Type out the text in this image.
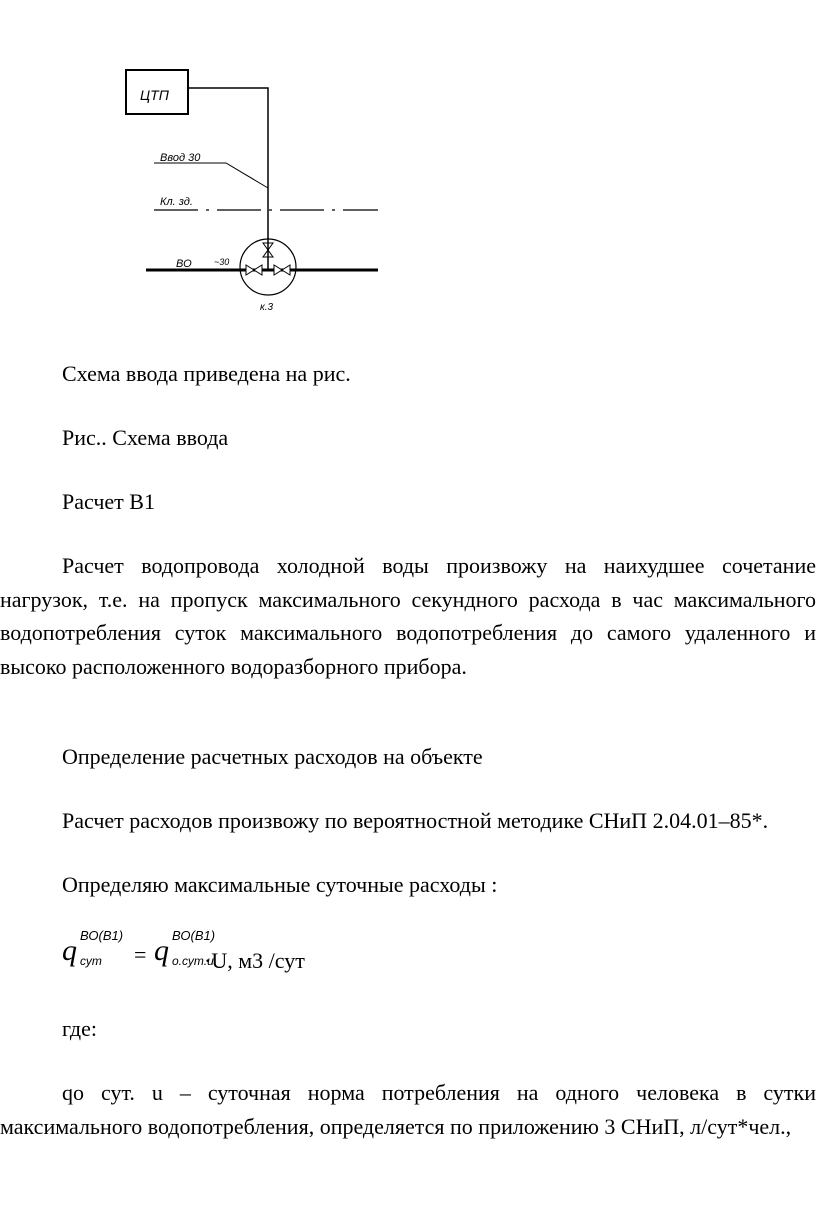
ЦТП
Ввод 30
Кл. зд.
ВО ~30
к.3

Схема ввода приведена на рис.

Рис.. Схема ввода

Расчет В1

Расчет водопровода холодной воды произвожу на наихудшее сочетание нагрузок, т.е. на пропуск максимального секундного расхода в час максимального водопотребления суток максимального водопотребления до самого удаленного и высоко расположенного водоразборного прибора.

Определение расчетных расходов на объекте

Расчет расходов произвожу по вероятностной методике СНиП 2.04.01–85*.

Определяю максимальные суточные расходы :

q ВО(В1)
сут = q ВО(В1)
о.сут.u
·U, м3 /сут

где:

qо сут. u – суточная норма потребления на одного человека в сутки максимального водопотребления, определяется по приложению 3 СНиП, л/сут*чел.,
